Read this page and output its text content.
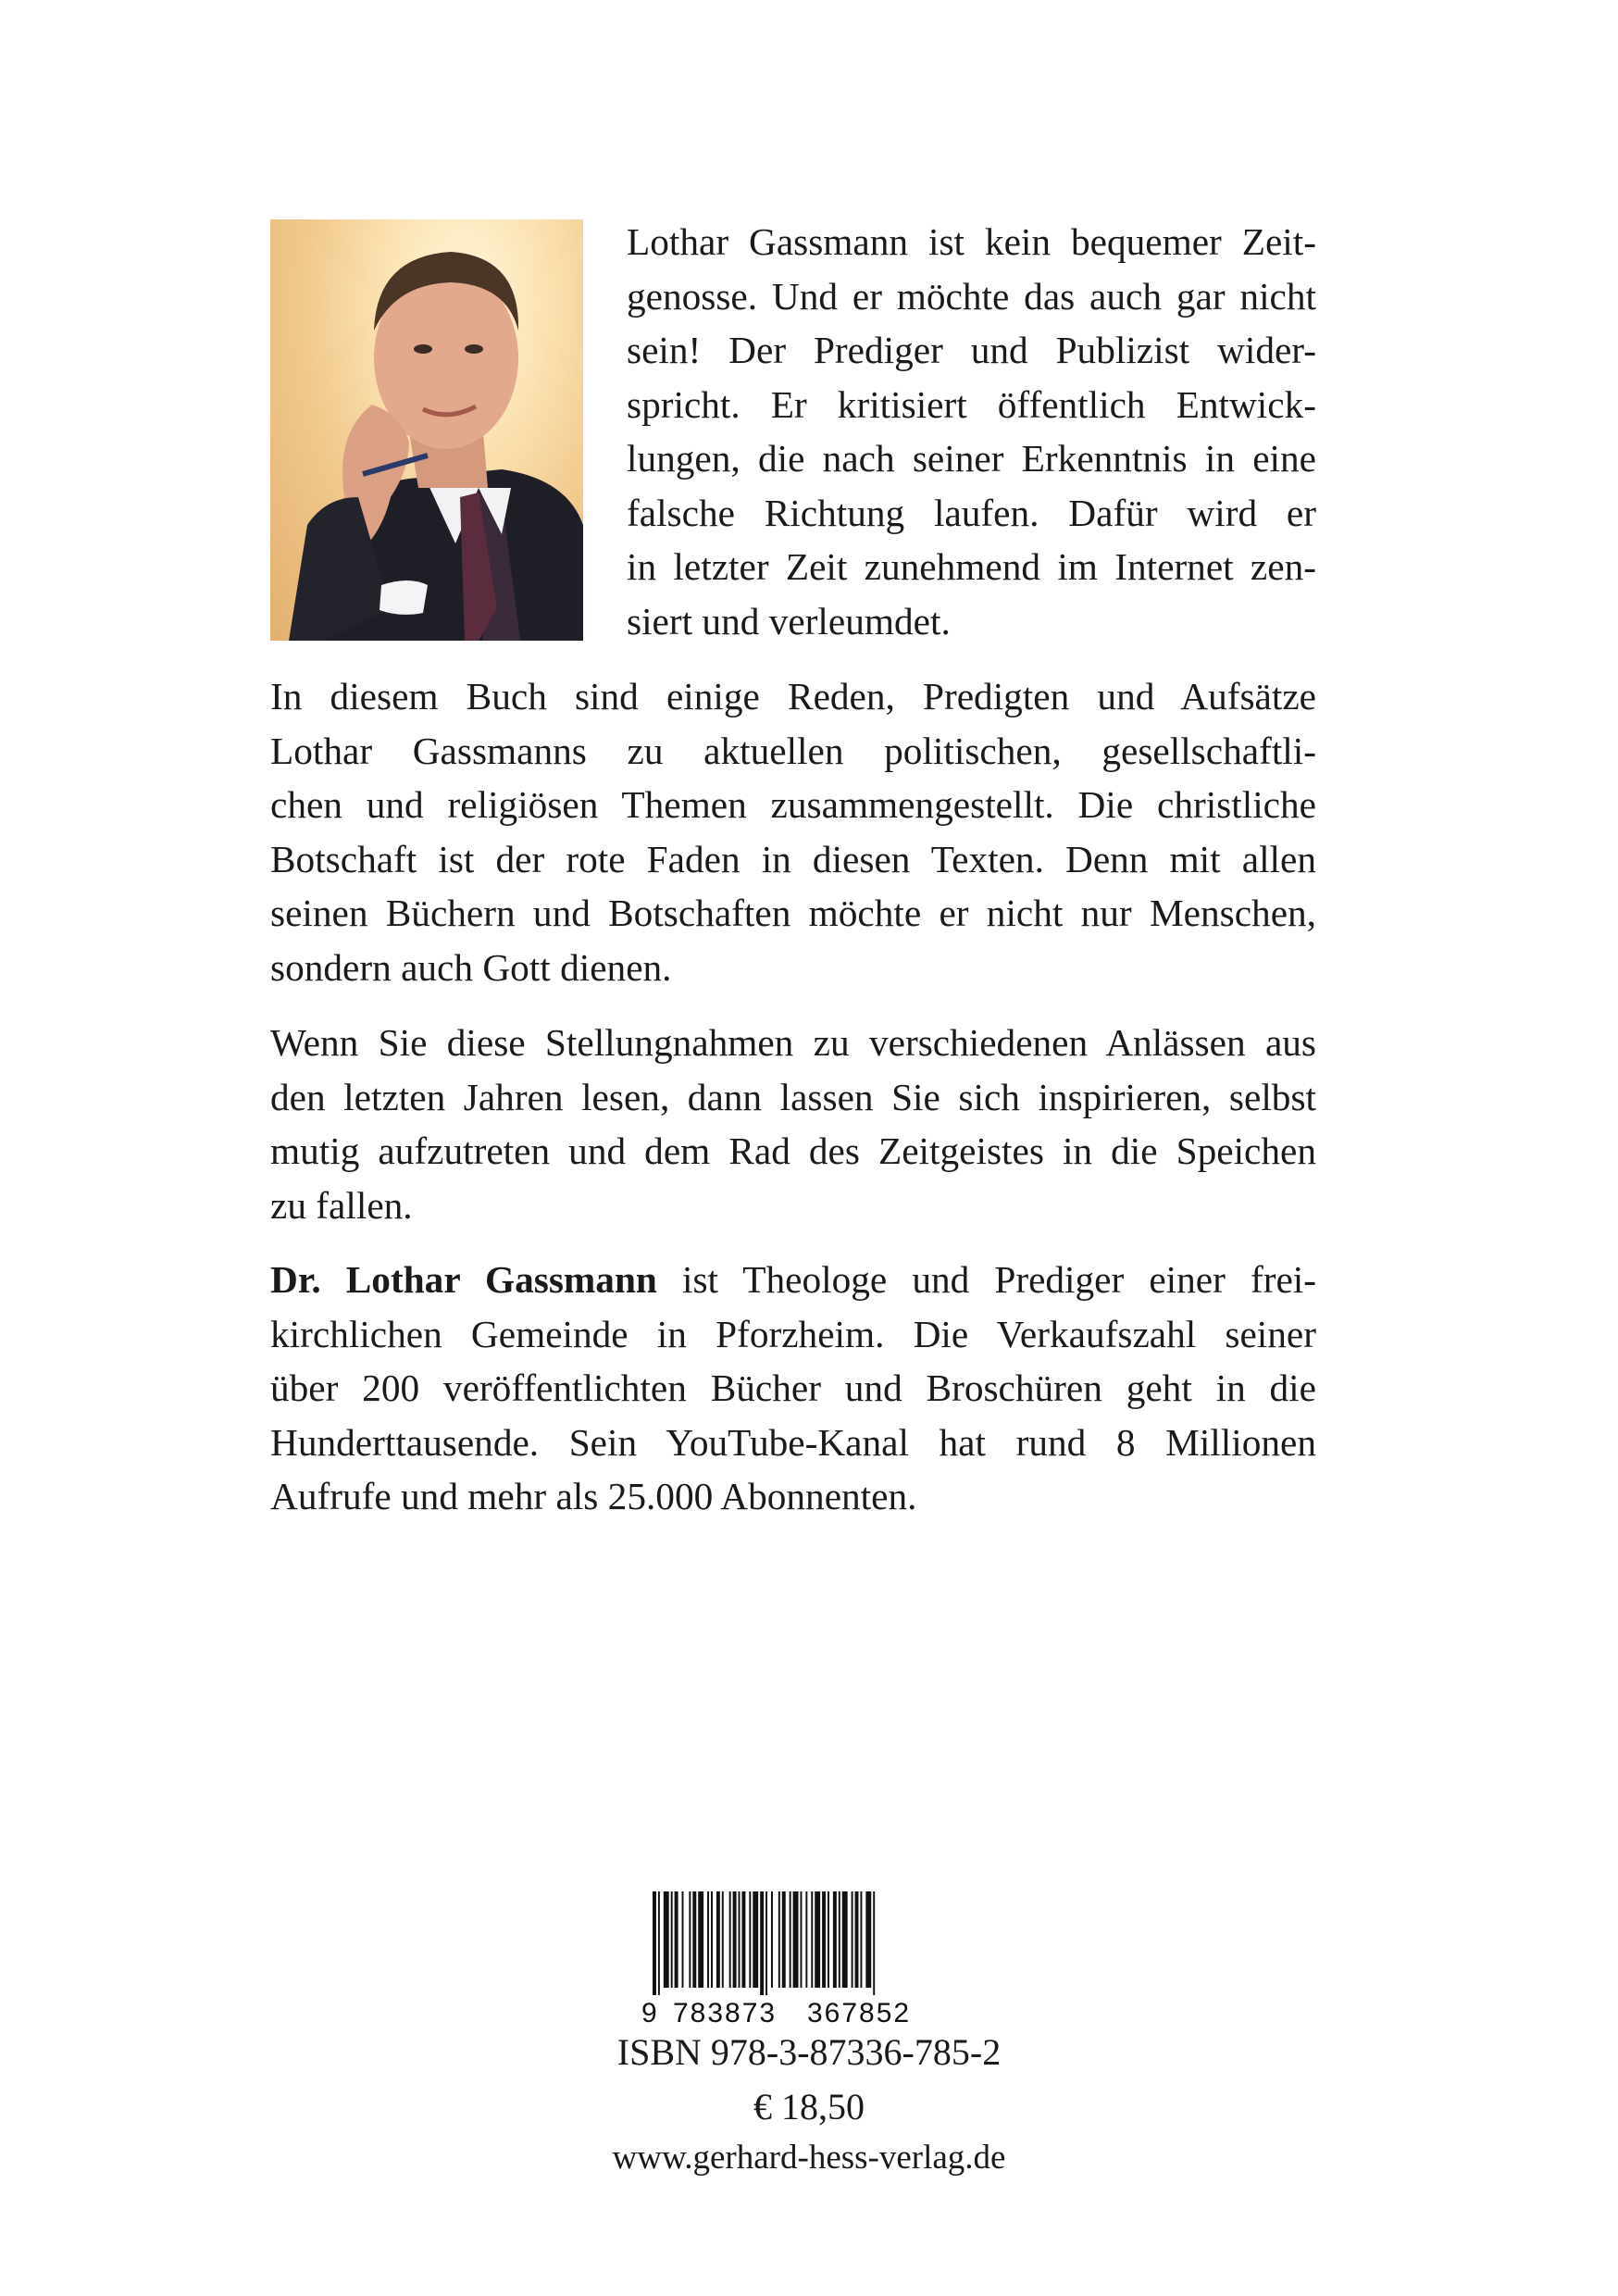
Lothar Gassmann ist kein bequemer Zeit-
genosse. Und er möchte das auch gar nicht
sein! Der Prediger und Publizist wider-
spricht. Er kritisiert öffentlich Entwick-
lungen, die nach seiner Erkenntnis in eine
falsche Richtung laufen. Dafür wird er
in letzter Zeit zunehmend im Internet zen-
siert und verleumdet.
In diesem Buch sind einige Reden, Predigten und Aufsätze
Lothar Gassmanns zu aktuellen politischen, gesellschaftli-
chen und religiösen Themen zusammengestellt. Die christliche
Botschaft ist der rote Faden in diesen Texten. Denn mit allen
seinen Büchern und Botschaften möchte er nicht nur Menschen,
sondern auch Gott dienen.
Wenn Sie diese Stellungnahmen zu verschiedenen Anlässen aus
den letzten Jahren lesen, dann lassen Sie sich inspirieren, selbst
mutig aufzutreten und dem Rad des Zeitgeistes in die Speichen
zu fallen.
Dr. Lothar Gassmann ist Theologe und Prediger einer frei-
kirchlichen Gemeinde in Pforzheim. Die Verkaufszahl seiner
über 200 veröffentlichten Bücher und Broschüren geht in die
Hunderttausende. Sein YouTube-Kanal hat rund 8 Millionen
Aufrufe und mehr als 25.000 Abonnenten.
9 783873 367852
ISBN 978-3-87336-785-2
€ 18,50
www.gerhard-hess-verlag.de
